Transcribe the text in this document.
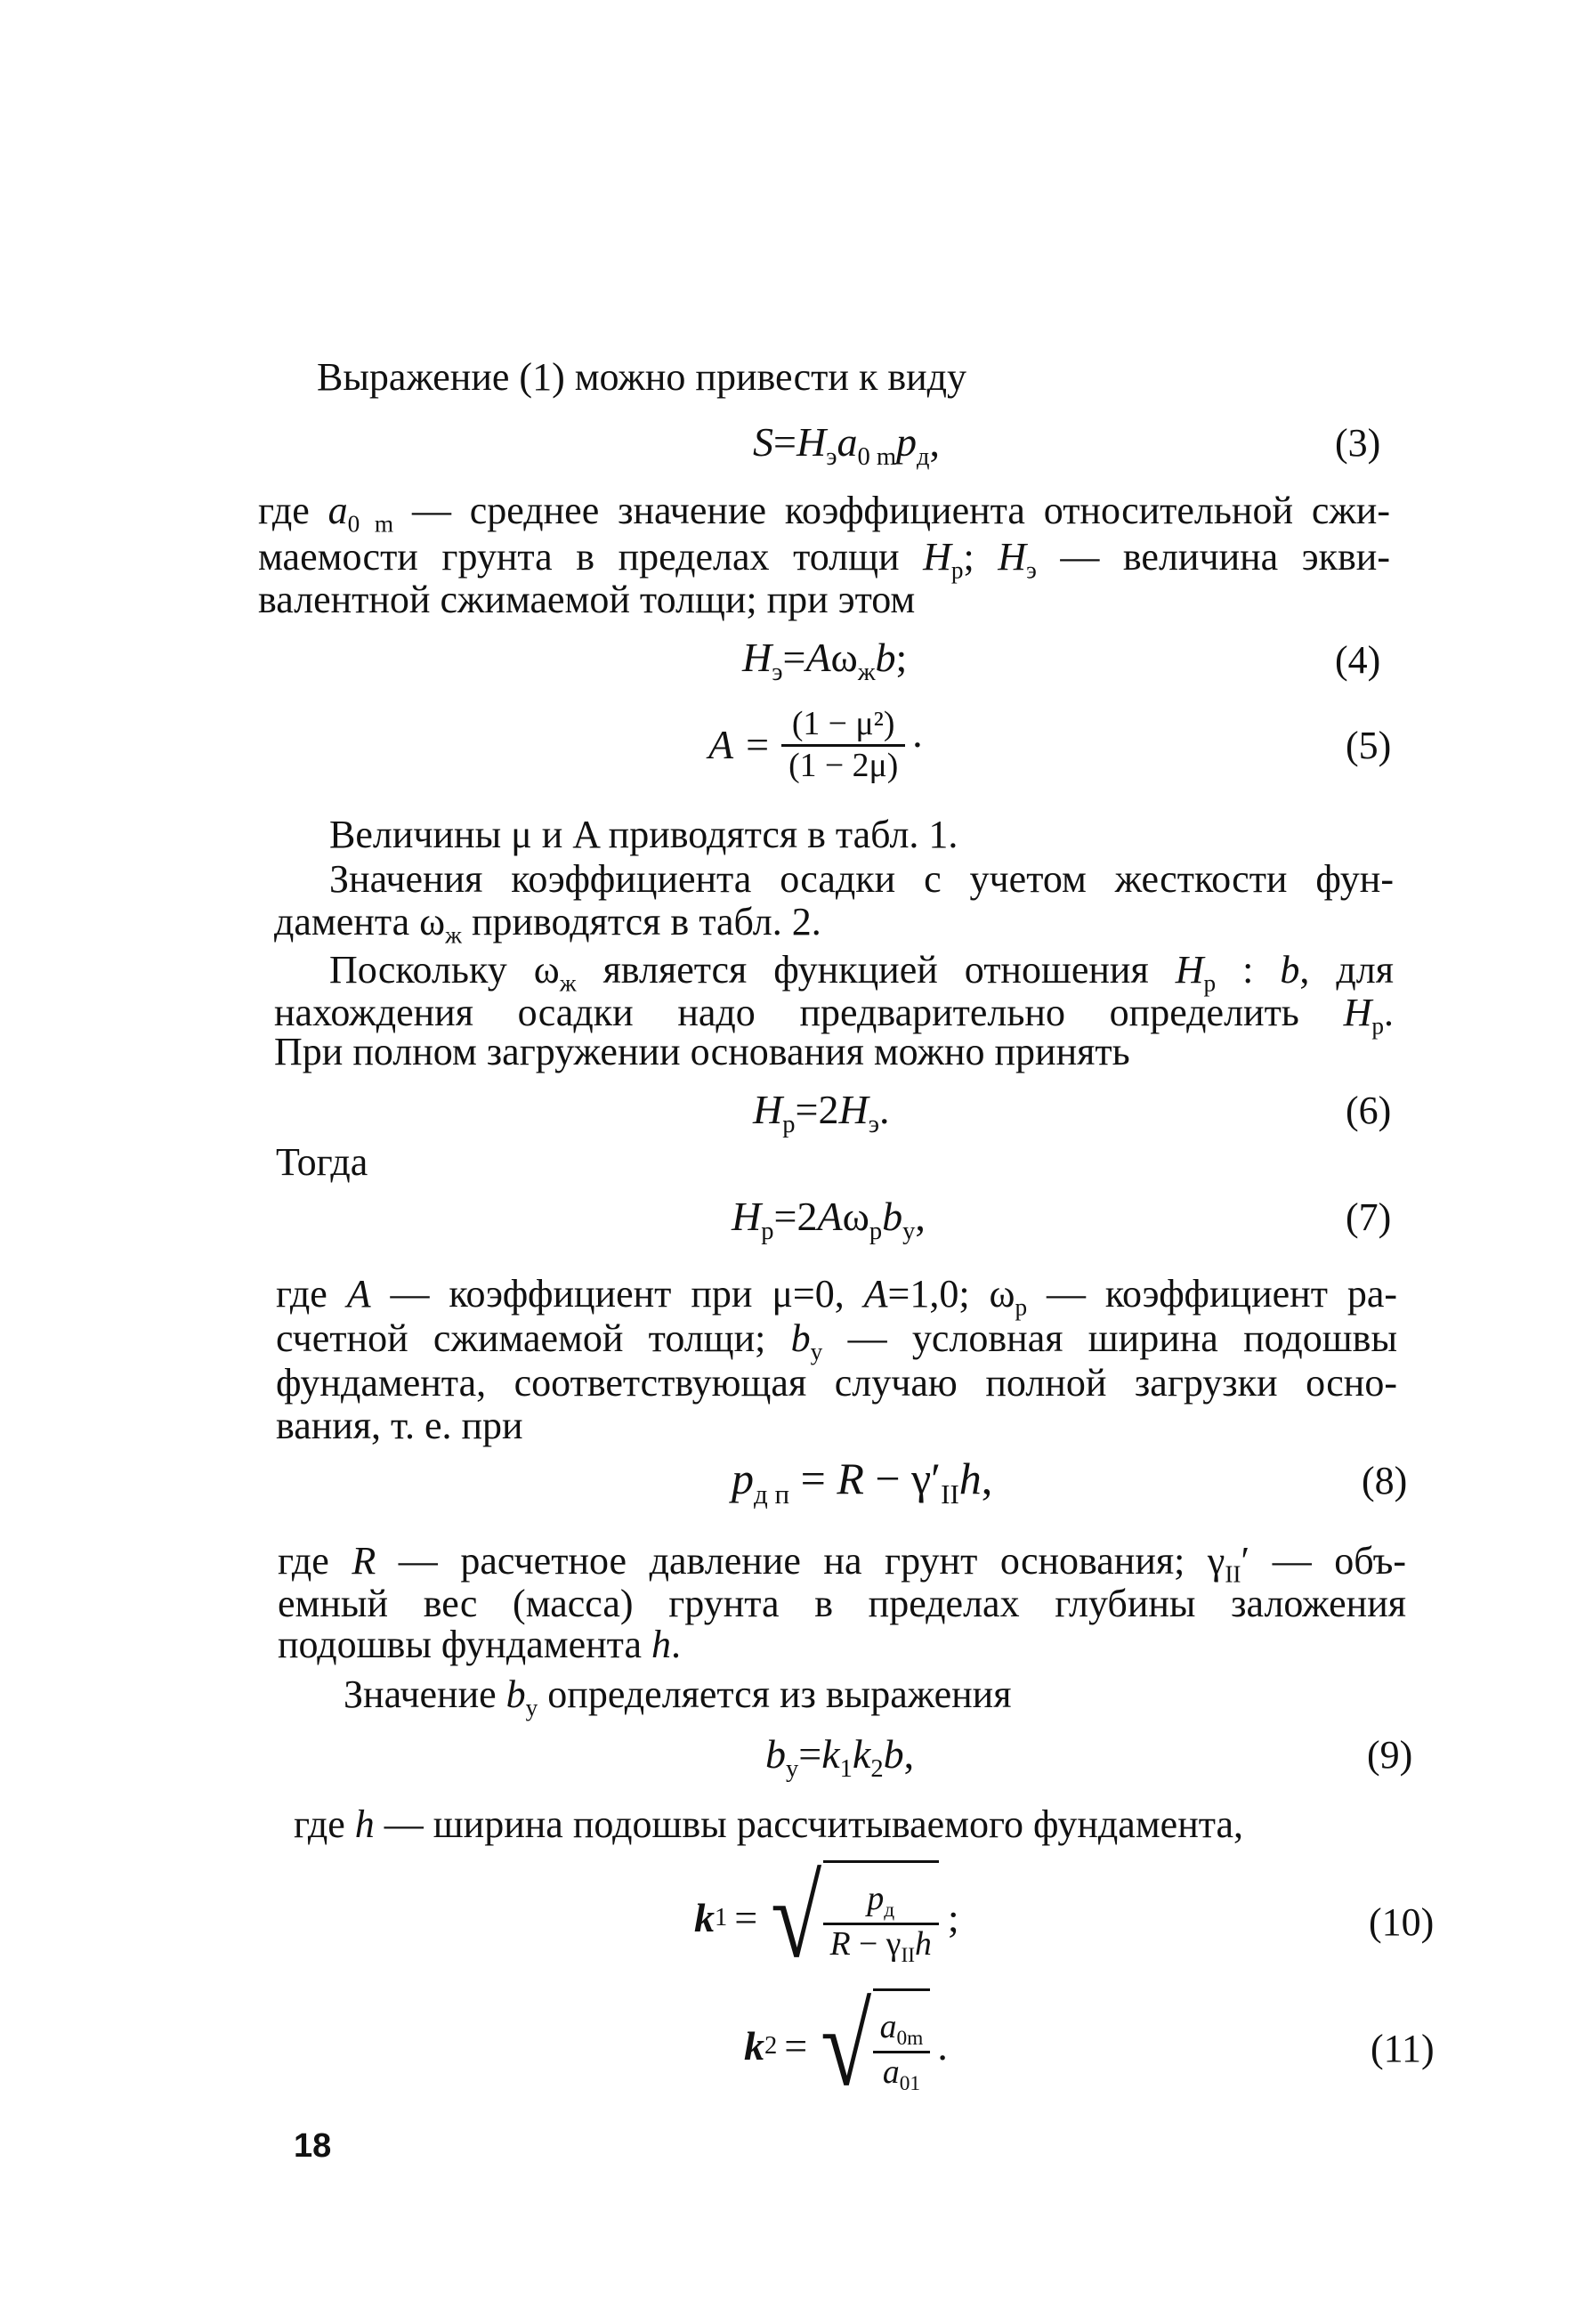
Выражение (1) можно привести к виду
$S=H_эa_{0 m}p_д$,	(3)
где $a_{0 m}$ — среднее значение коэффициента относительной сжи-
маемости грунта в пределах толщи $H_р$; $H_э$ — величина экви-
валентной сжимаемой толщи; при этом
$H_э=A\omega_жb$;	(4)
$A = \frac{\text{(1 − μ²)}}{(1 - 2\mu)}$ ·	(5)
Величины μ и A приводятся в табл. 1.
Значения коэффициента осадки с учетом жесткости фун-
дамента $\omega_ж$ приводятся в табл. 2.
Поскольку $\omega_ж$ является функцией отношения $H_р$ : b, для
нахождения осадки надо предварительно определить $H_р$.
При полном загружении основания можно принять
$H_р=2H_э$.	(6)
Тогда
$H_р=2A\omega_рb_у$,	(7)
где A — коэффициент при μ=0, A=1,0; $\omega_р$ — коэффициент ра-
счетной сжимаемой толщи; $b_у$ — условная ширина подошвы
фундамента, соответствующая случаю полной загрузки осно-
вания, т. е. при
$p_{д п} = R - \gamma'_{II}h$,	(8)
где R — расчетное давление на грунт основания; $\gamma_{II}'$ — объ-
емный вес (масса) грунта в пределах глубины заложения
подошвы фундамента h.
Значение $b_у$ определяется из выражения
$b_у=k_1k_2b$,	(9)
где h — ширина подошвы рассчитываемого фундамента,
k 1 = √ $\frac{p_д}{R - \gamma_{II}h}$ ;	(10)
k 2 = √ $\frac{a_{0m}}{a_{01}}$ .	(11)
18
